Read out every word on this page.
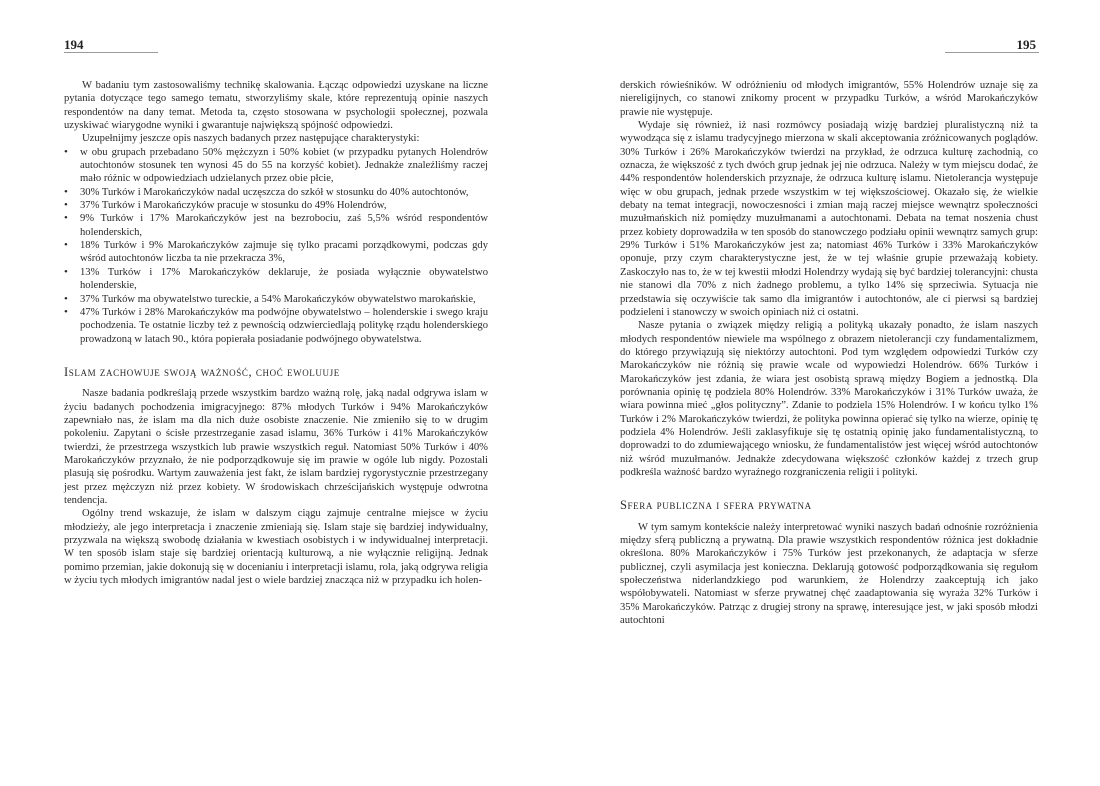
194

W badaniu tym zastosowaliśmy technikę skalowania. Łącząc odpowiedzi uzyskane na liczne pytania dotyczące tego samego tematu, stworzyliśmy skale, które reprezentują opinie naszych respondentów na dany temat. Metoda ta, często stosowana w psychologii społecznej, pozwala uzyskiwać wiarygodne wyniki i gwarantuje największą spójność odpowiedzi.

Uzupełnijmy jeszcze opis naszych badanych przez następujące charakterystyki:

• w obu grupach przebadano 50% mężczyzn i 50% kobiet (w przypadku pytanych Holendrów autochtonów stosunek ten wynosi 45 do 55 na korzyść kobiet). Jednakże znaleźliśmy raczej mało różnic w odpowiedziach udzielanych przez obie płcie,
• 30% Turków i Marokańczyków nadal uczęszcza do szkół w stosunku do 40% autochtonów,
• 37% Turków i Marokańczyków pracuje w stosunku do 49% Holendrów,
• 9% Turków i 17% Marokańczyków jest na bezrobociu, zaś 5,5% wśród respondentów holenderskich,
• 18% Turków i 9% Marokańczyków zajmuje się tylko pracami porządkowymi, podczas gdy wśród autochtonów liczba ta nie przekracza 3%,
• 13% Turków i 17% Marokańczyków deklaruje, że posiada wyłącznie obywatelstwo holenderskie,
• 37% Turków ma obywatelstwo tureckie, a 54% Marokańczyków obywatelstwo marokańskie,
• 47% Turków i 28% Marokańczyków ma podwójne obywatelstwo – holenderskie i swego kraju pochodzenia. Te ostatnie liczby też z pewnością odzwierciedlają politykę rządu holenderskiego prowadzoną w latach 90., która popierała posiadanie podwójnego obywatelstwa.
Islam zachowuje swoją ważność, choć ewoluuje

Nasze badania podkreślają przede wszystkim bardzo ważną rolę, jaką nadal odgrywa islam w życiu badanych pochodzenia imigracyjnego: 87% młodych Turków i 94% Marokańczyków zapewniało nas, że islam ma dla nich duże osobiste znaczenie. Nie zmieniło się to w drugim pokoleniu. Zapytani o ścisłe przestrzeganie zasad islamu, 36% Turków i 41% Marokańczyków twierdzi, że przestrzega wszystkich lub prawie wszystkich reguł. Natomiast 50% Turków i 40% Marokańczyków przyznało, że nie podporządkowuje się im prawie w ogóle lub nigdy. Pozostali plasują się pośrodku. Wartym zauważenia jest fakt, że islam bardziej rygorystycznie przestrzegany jest przez mężczyzn niż przez kobiety. W środowiskach chrześcijańskich występuje odwrotna tendencja.

Ogólny trend wskazuje, że islam w dalszym ciągu zajmuje centralne miejsce w życiu młodzieży, ale jego interpretacja i znaczenie zmieniają się. Islam staje się bardziej indywidualny, przyzwala na większą swobodę działania w kwestiach osobistych i w indywidualnej interpretacji. W ten sposób islam staje się bardziej orientacją kulturową, a nie wyłącznie religijną. Jednak pomimo przemian, jakie dokonują się w docenianiu i interpretacji islamu, rola, jaką odgrywa religia w życiu tych młodych imigrantów nadal jest o wiele bardziej znacząca niż w przypadku ich holen-

195

derskich rówieśników. W odróżnieniu od młodych imigrantów, 55% Holendrów uznaje się za niereligijnych, co stanowi znikomy procent w przypadku Turków, a wśród Marokańczyków prawie nie występuje.

Wydaje się również, iż nasi rozmówcy posiadają wizję bardziej pluralistyczną niż ta wywodząca się z islamu tradycyjnego mierzona w skali akceptowania zróżnicowanych poglądów. 30% Turków i 26% Marokańczyków twierdzi na przykład, że odrzuca kulturę zachodnią, co oznacza, że większość z tych dwóch grup jednak jej nie odrzuca. Należy w tym miejscu dodać, że 44% respondentów holenderskich przyznaje, że odrzuca kulturę islamu. Nietolerancja występuje więc w obu grupach, jednak przede wszystkim w tej większościowej. Okazało się, że wielkie debaty na temat integracji, nowoczesności i zmian mają raczej miejsce wewnątrz społeczności muzułmańskich niż pomiędzy muzułmanami a autochtonami. Debata na temat noszenia chust przez kobiety doprowadziła w ten sposób do stanowczego podziału opinii wewnątrz samych grup: 29% Turków i 51% Marokańczyków jest za; natomiast 46% Turków i 33% Marokańczyków oponuje, przy czym charakterystyczne jest, że w tej właśnie grupie przeważają kobiety. Zaskoczyło nas to, że w tej kwestii młodzi Holendrzy wydają się być bardziej tolerancyjni: chusta nie stanowi dla 70% z nich żadnego problemu, a tylko 14% się sprzeciwia. Sytuacja nie przedstawia się oczywiście tak samo dla imigrantów i autochtonów, ale ci pierwsi są bardziej podzieleni i stanowczy w swoich opiniach niż ci ostatni.

Nasze pytania o związek między religią a polityką ukazały ponadto, że islam naszych młodych respondentów niewiele ma wspólnego z obrazem nietolerancji czy fundamentalizmem, do którego przywiązują się niektórzy autochtoni. Pod tym względem odpowiedzi Turków czy Marokańczyków nie różnią się prawie wcale od wypowiedzi Holendrów. 66% Turków i Marokańczyków jest zdania, że wiara jest osobistą sprawą między Bogiem a jednostką. Dla porównania opinię tę podziela 80% Holendrów. 33% Marokańczyków i 31% Turków uważa, że wiara powinna mieć „głos polityczny”. Zdanie to podziela 15% Holendrów. I w końcu tylko 1% Turków i 2% Marokańczyków twierdzi, że polityka powinna opierać się tylko na wierze, opinię tę podziela 4% Holendrów. Jeśli zaklasyfikuje się tę ostatnią opinię jako fundamentalistyczną, to doprowadzi to do zdumiewającego wniosku, że fundamentalistów jest więcej wśród autochtonów niż wśród muzułmanów. Jednakże zdecydowana większość członków każdej z trzech grup podkreśla ważność bardzo wyraźnego rozgraniczenia religii i polityki.

Sfera publiczna i sfera prywatna

W tym samym kontekście należy interpretować wyniki naszych badań odnośnie rozróżnienia między sferą publiczną a prywatną. Dla prawie wszystkich respondentów różnica jest dokładnie określona. 80% Marokańczyków i 75% Turków jest przekonanych, że adaptacja w sferze publicznej, czyli asymilacja jest konieczna. Deklarują gotowość podporządkowania się regułom społeczeństwa niderlandzkiego pod warunkiem, że Holendrzy zaakceptują ich jako współobywateli. Natomiast w sferze prywatnej chęć zaadaptowania się wyraża 32% Turków i 35% Marokańczyków. Patrząc z drugiej strony na sprawę, interesujące jest, w jaki sposób młodzi autochtoni
